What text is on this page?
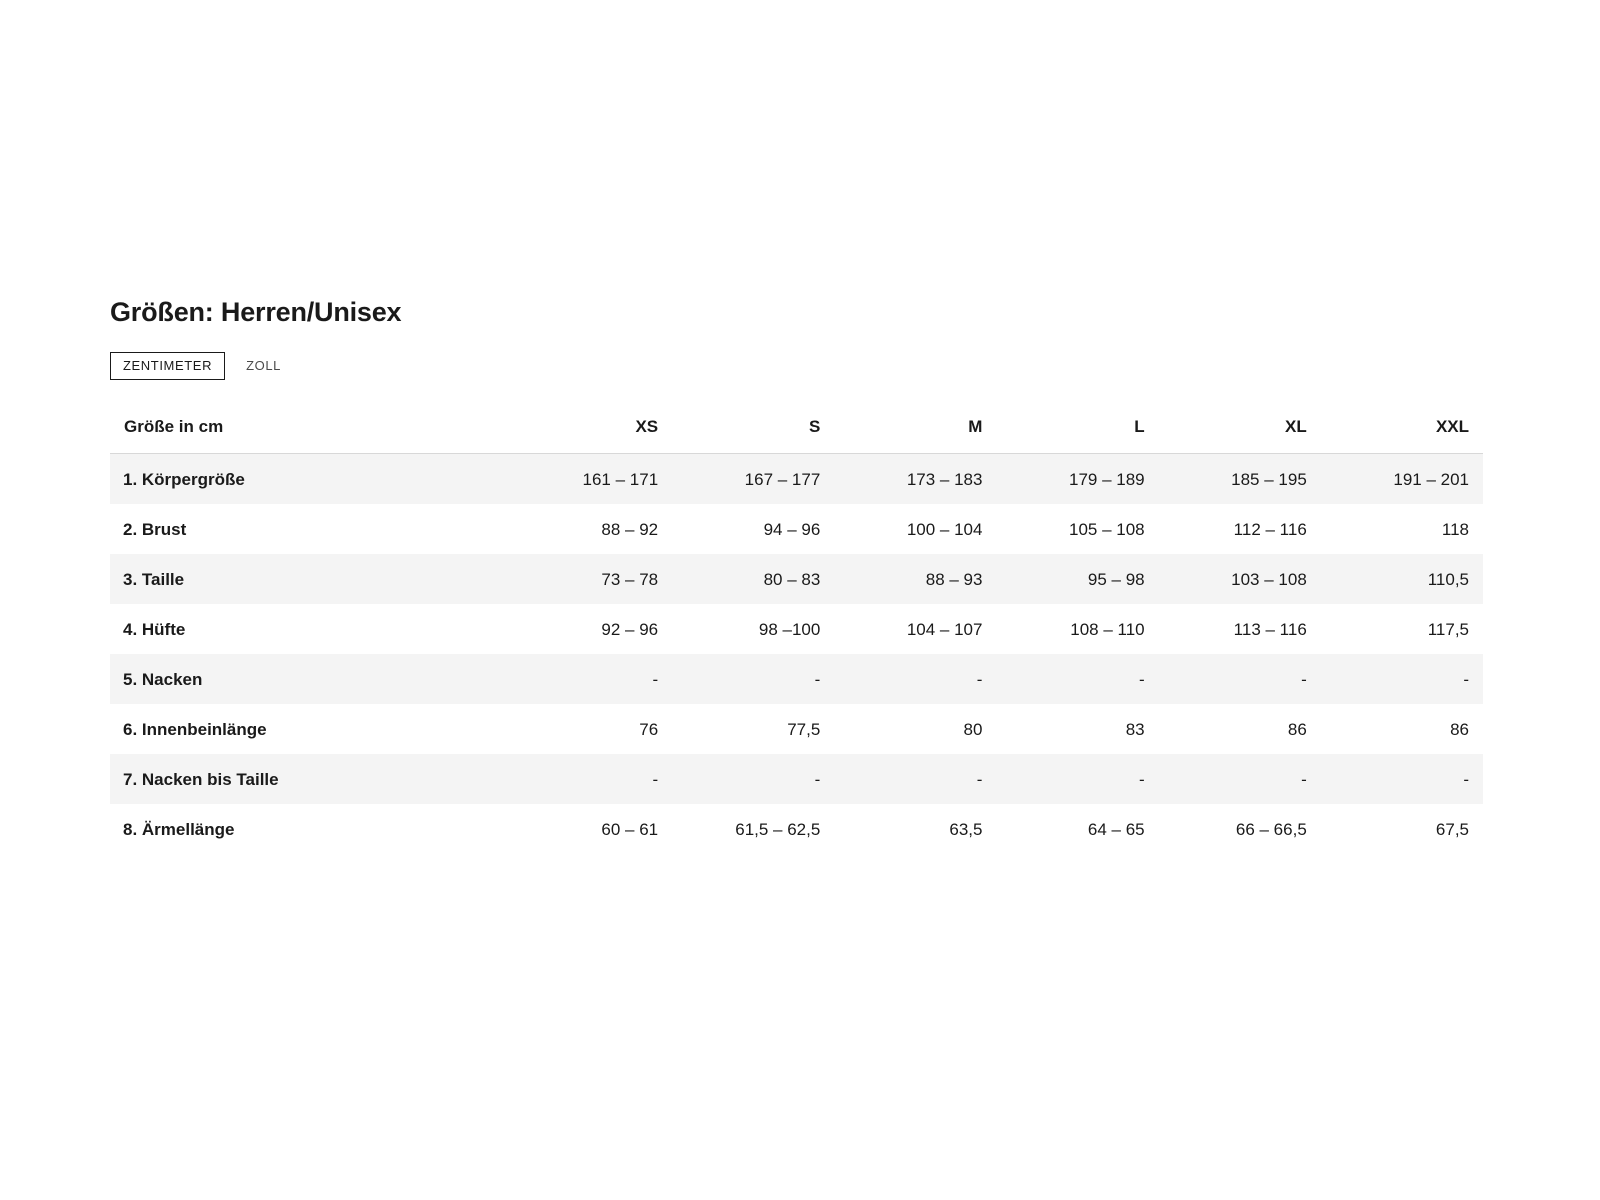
Größen: Herren/Unisex
ZENTIMETER	ZOLL
Größe in cm	XS	S	M	L	XL	XXL
1. Körpergröße	161 – 171	167 – 177	173 – 183	179 – 189	185 – 195	191 – 201
2. Brust	88 – 92	94 – 96	100 – 104	105 – 108	112 – 116	118
3. Taille	73 – 78	80 – 83	88 – 93	95 – 98	103 – 108	110,5
4. Hüfte	92 – 96	98 –100	104 – 107	108 – 110	113 – 116	117,5
5. Nacken	-	-	-	-	-	-
6. Innenbeinlänge	76	77,5	80	83	86	86
7. Nacken bis Taille	-	-	-	-	-	-
8. Ärmellänge	60 – 61	61,5 – 62,5	63,5	64 – 65	66 – 66,5	67,5
